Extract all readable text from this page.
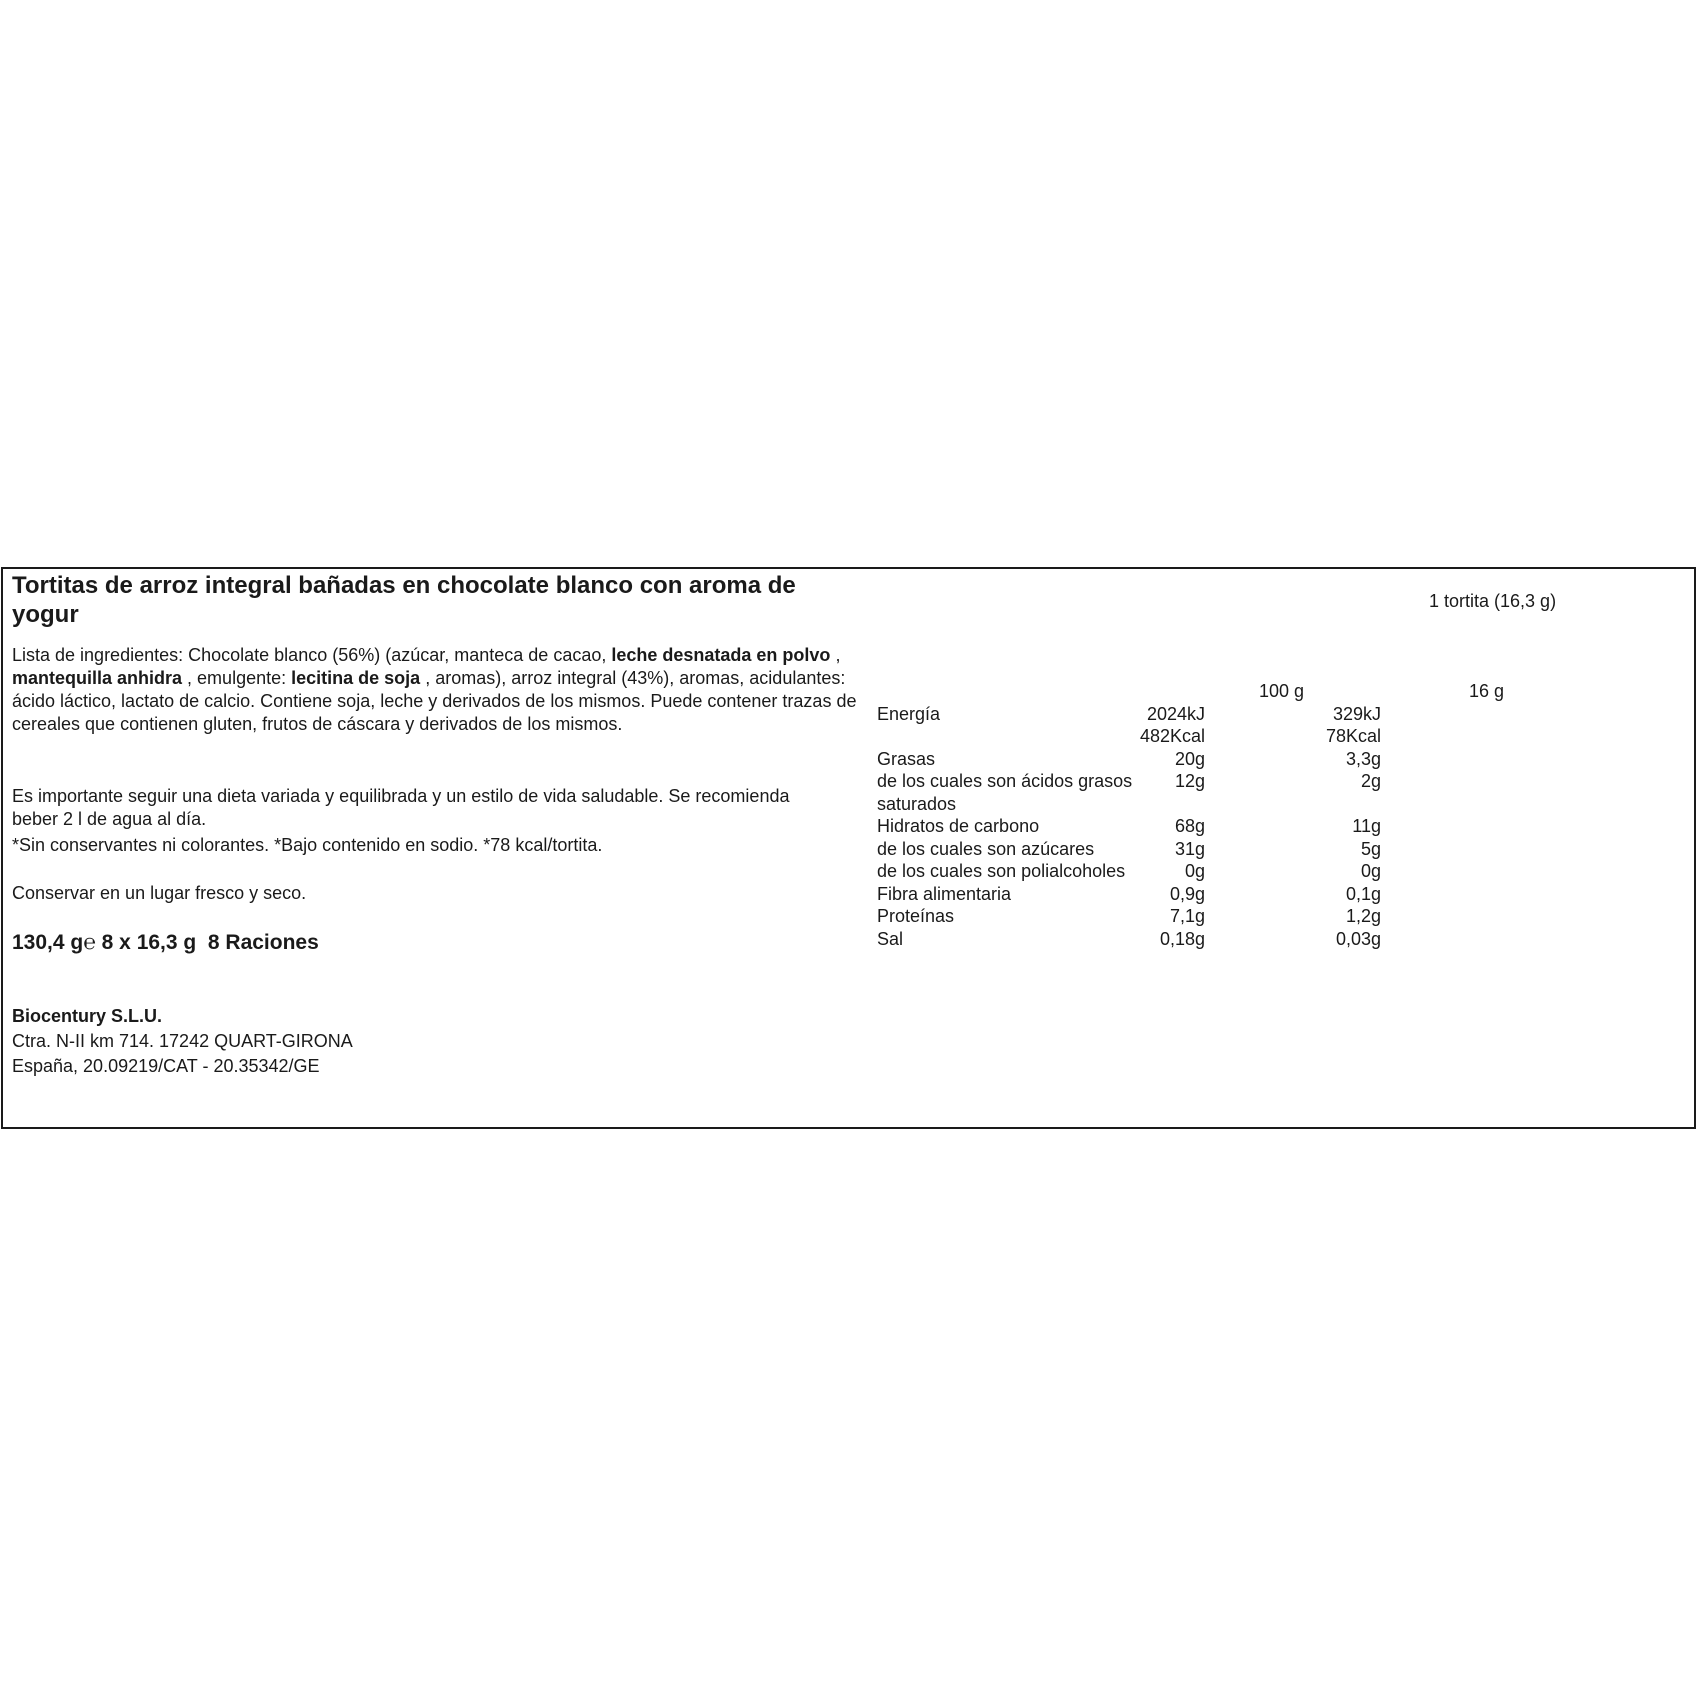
Tortitas de arroz integral bañadas en chocolate blanco con aroma de yogur

Lista de ingredientes: Chocolate blanco (56%) (azúcar, manteca de cacao, leche desnatada en polvo , mantequilla anhidra , emulgente: lecitina de soja , aromas), arroz integral (43%), aromas, acidulantes: ácido láctico, lactato de calcio. Contiene soja, leche y derivados de los mismos. Puede contener trazas de cereales que contienen gluten, frutos de cáscara y derivados de los mismos.

Es importante seguir una dieta variada y equilibrada y un estilo de vida saludable. Se recomienda beber 2 l de agua al día.

*Sin conservantes ni colorantes. *Bajo contenido en sodio. *78 kcal/tortita.

Conservar en un lugar fresco y seco.

130,4 g℮ 8 x 16,3 g  8 Raciones

Biocentury S.L.U.
Ctra. N-II km 714. 17242 QUART-GIRONA
España, 20.09219/CAT - 20.35342/GE
1 tortita (16,3 g)
100 g	16 g
Energía	2024kJ	329kJ
482Kcal	78Kcal
Grasas	20g	3,3g
de los cuales son ácidos grasos saturados
12g	2g
Hidratos de carbono	68g	11g
de los cuales son azúcares	31g	5g
de los cuales son polialcoholes	0g	0g
Fibra alimentaria	0,9g	0,1g
Proteínas	7,1g	1,2g
Sal	0,18g	0,03g
